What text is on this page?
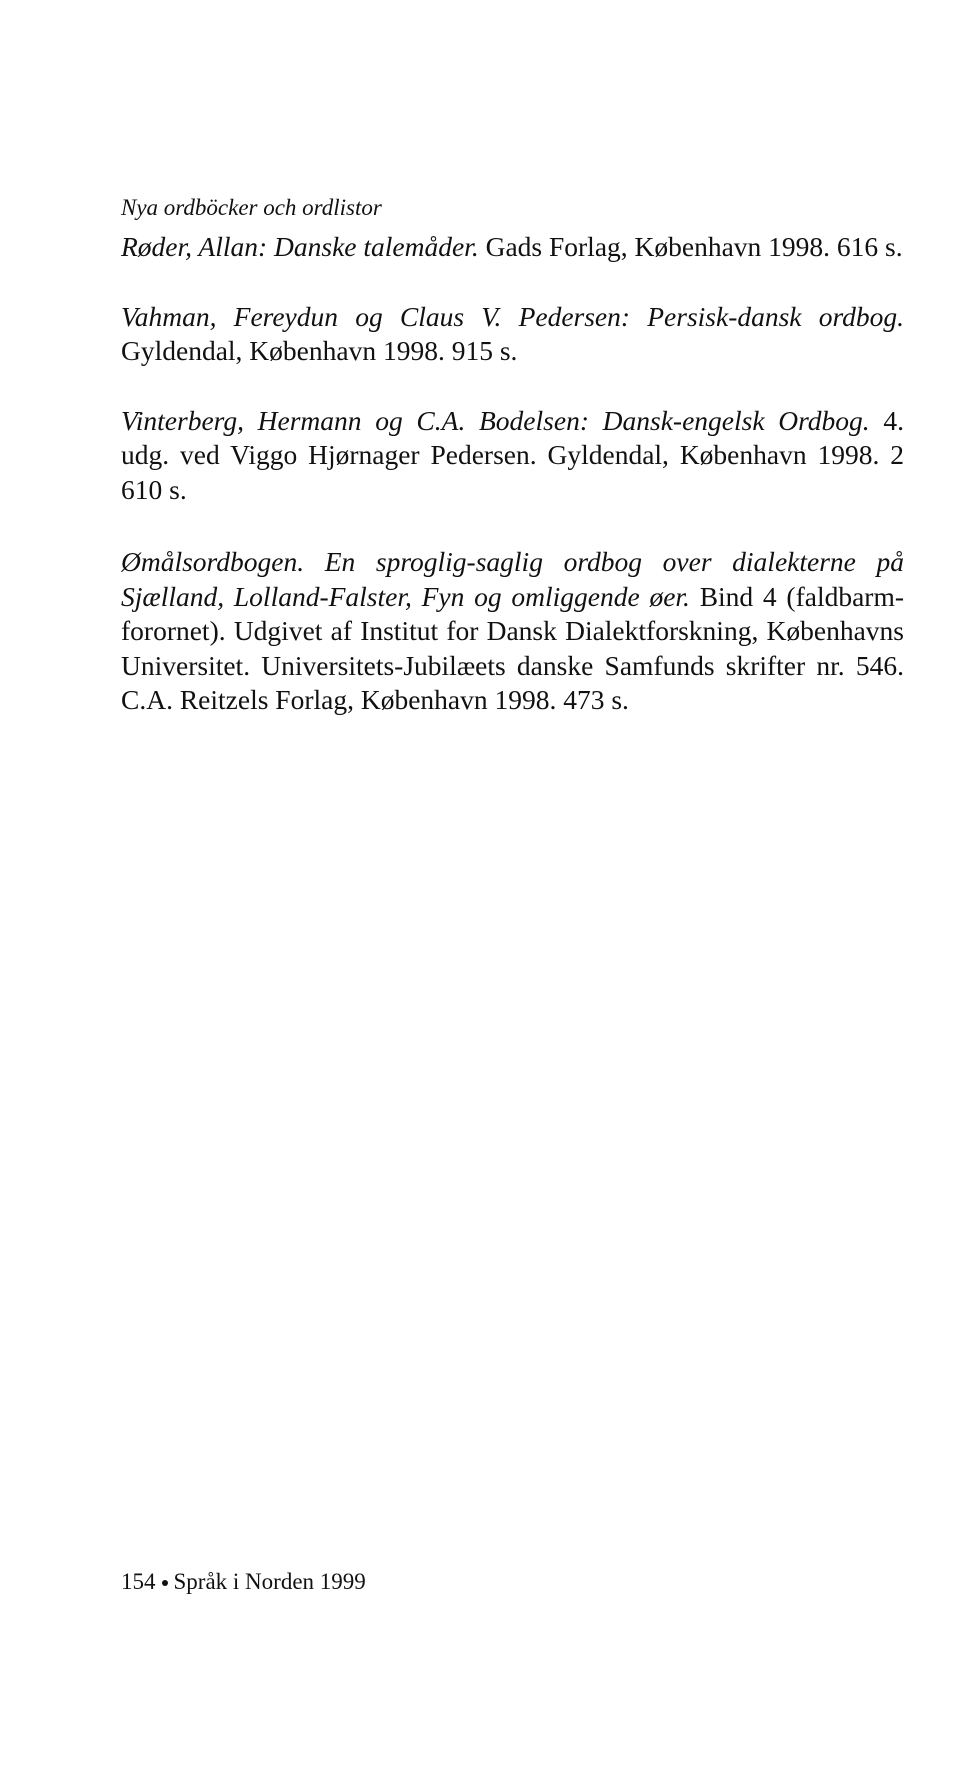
Nya ordböcker och ordlistor

Røder, Allan: Danske talemåder. Gads Forlag, København 1998. 616 s.

Vahman, Fereydun og Claus V. Pedersen: Persisk-dansk ordbog. Gyldendal, København 1998. 915 s.

Vinterberg, Hermann og C.A. Bodelsen: Dansk-engelsk Ordbog. 4. udg. ved Viggo Hjørnager Pedersen. Gyldendal, København 1998. 2 610 s.

Ømålsordbogen. En sproglig-saglig ordbog over dialekterne på Sjælland, Lolland-Falster, Fyn og omliggende øer. Bind 4 (faldbarm-forornet). Udgivet af Institut for Dansk Dialektforskning, Københavns Universitet. Universitets-Jubilæets danske Samfunds skrifter nr. 546. C.A. Reitzels Forlag, København 1998. 473 s.

154 Språk i Norden 1999
